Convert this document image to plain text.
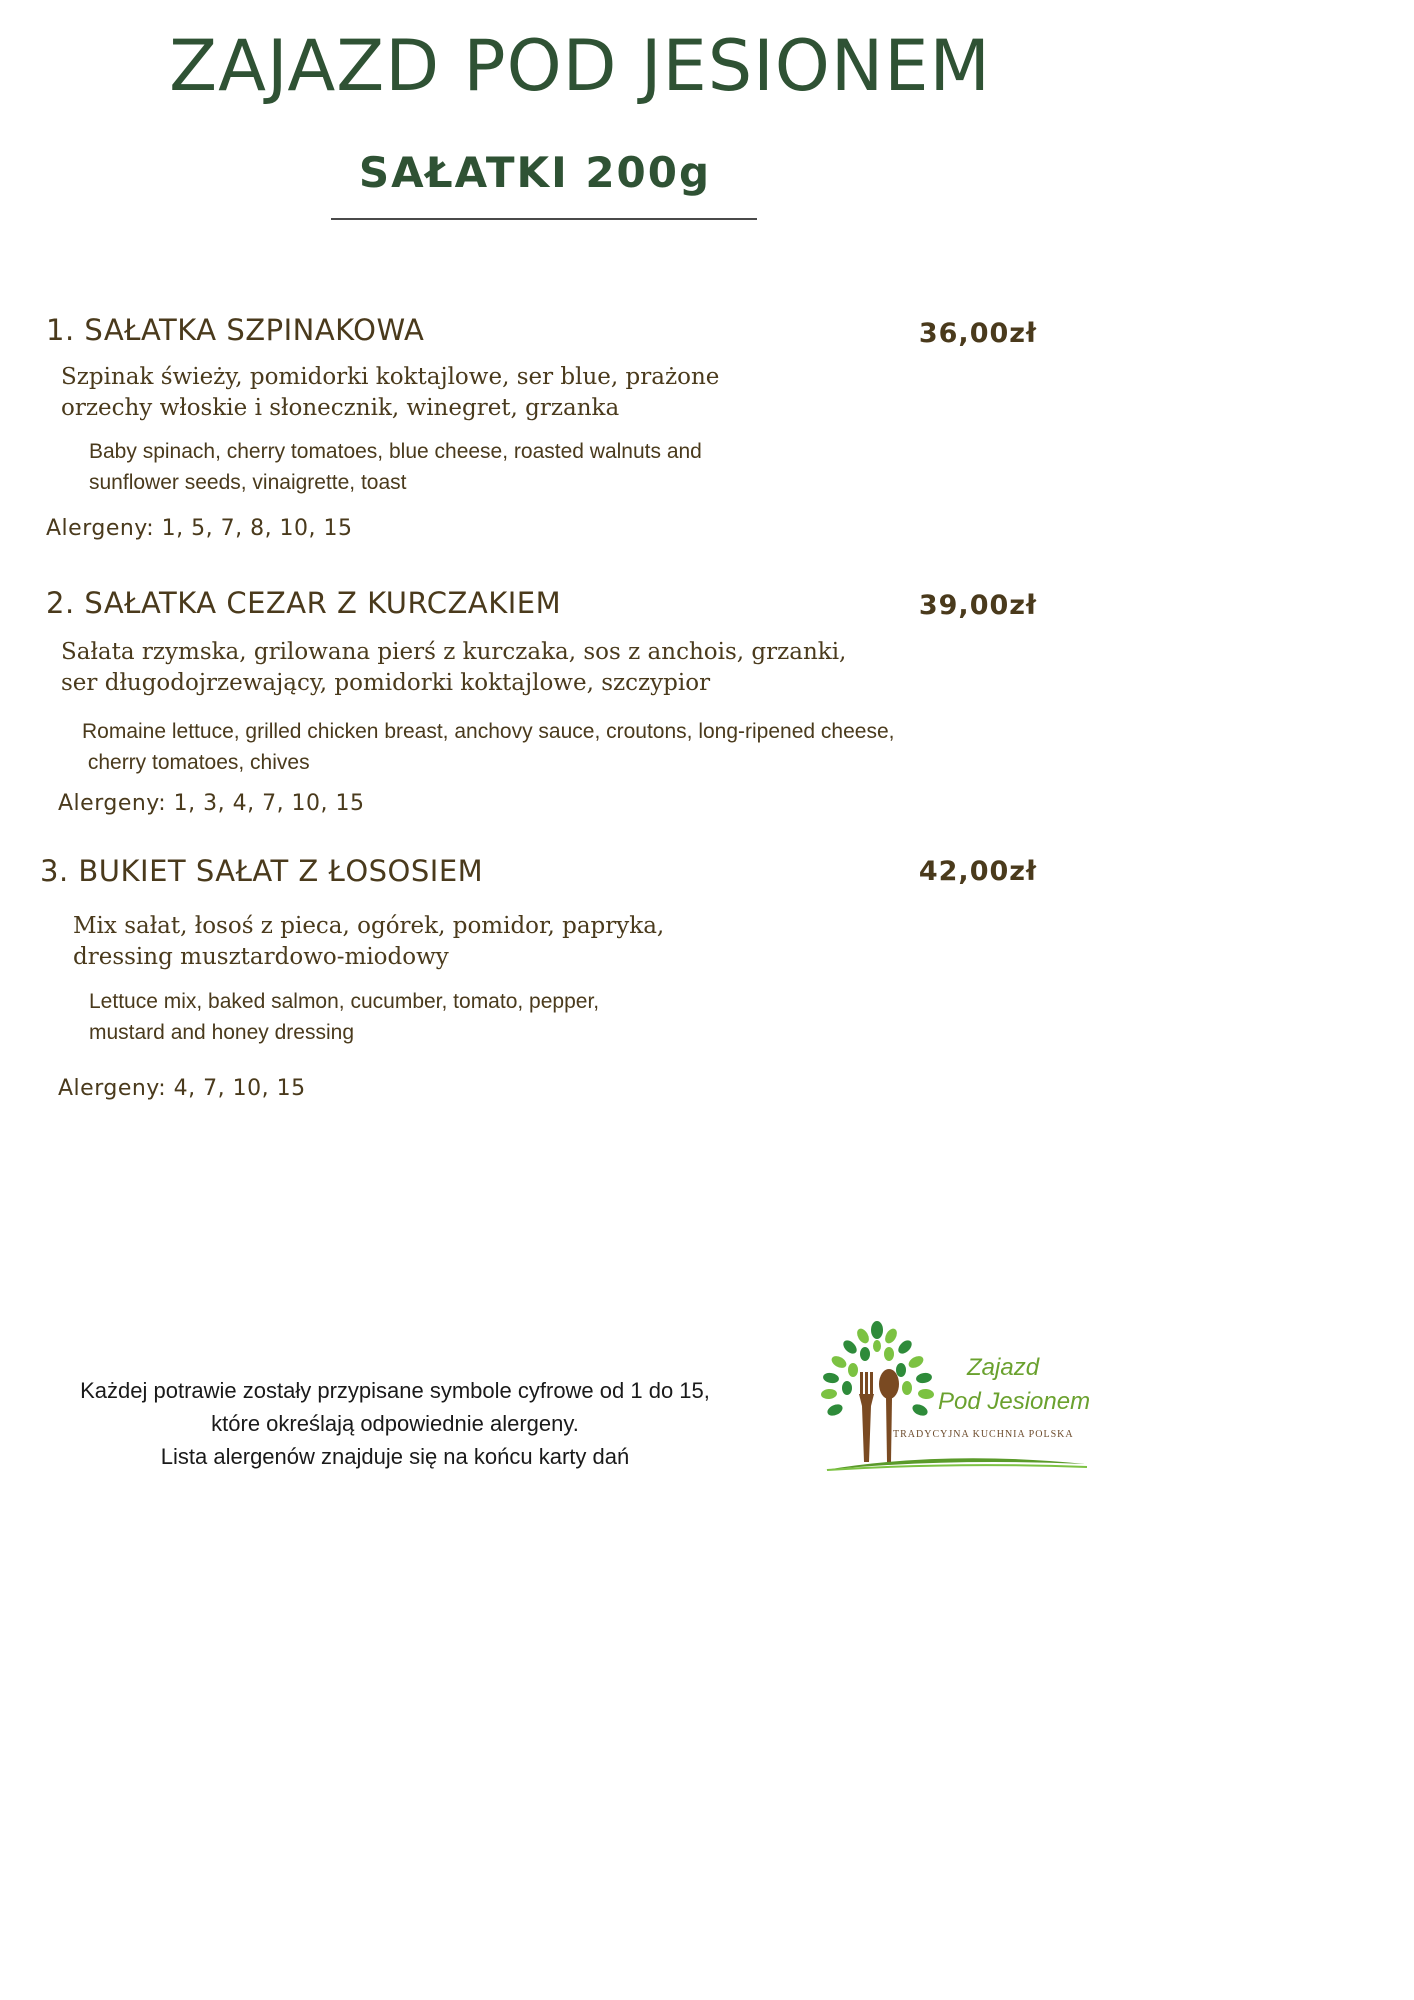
ZAJAZD POD JESIONEM
SAŁATKI 200g
1. SAŁATKA SZPINAKOWA	36,00zł
Szpinak świeży, pomidorki koktajlowe, ser blue, prażone
orzechy włoskie i słonecznik, winegret, grzanka
Baby spinach, cherry tomatoes, blue cheese, roasted walnuts and
sunflower seeds, vinaigrette, toast
Alergeny: 1, 5, 7, 8, 10, 15
2. SAŁATKA CEZAR Z KURCZAKIEM	39,00zł
Sałata rzymska, grilowana pierś z kurczaka, sos z anchois, grzanki,
ser długodojrzewający, pomidorki koktajlowe, szczypior
Romaine lettuce, grilled chicken breast, anchovy sauce, croutons, long-ripened cheese,
cherry tomatoes, chives
Alergeny: 1, 3, 4, 7, 10, 15
3. BUKIET SAŁAT Z ŁOSOSIEM	42,00zł
Mix sałat, łosoś z pieca, ogórek, pomidor, papryka,
dressing musztardowo-miodowy
Lettuce mix, baked salmon, cucumber, tomato, pepper,
mustard and honey dressing
Alergeny: 4, 7, 10, 15
Każdej potrawie zostały przypisane symbole cyfrowe od 1 do 15,
które określają odpowiednie alergeny.
Lista alergenów znajduje się na końcu karty dań
Zajazd
Pod Jesionem
TRADYCYJNA KUCHNIA POLSKA
